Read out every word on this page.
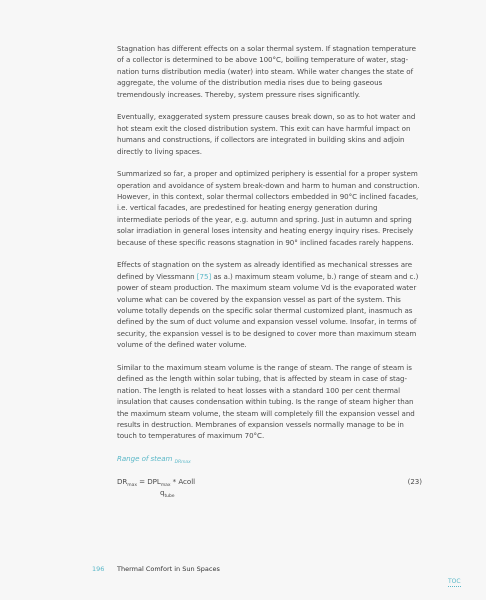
Stagnation has different effects on a solar thermal system. If stagnation temperature of a collector is determined to be above 100°C, boiling temperature of water, stag-nation turns distribution media (water) into steam. While water changes the state of aggregate, the volume of the distribution media rises due to being gaseous tremendously increases. Thereby, system pressure rises significantly.

Eventually, exaggerated system pressure causes break down, so as to hot water and hot steam exit the closed distribution system. This exit can have harmful impact on humans and constructions, if collectors are integrated in building skins and adjoin directly to living spaces.

Summarized so far, a proper and optimized periphery is essential for a proper system operation and avoidance of system break-down and harm to human and construction. However, in this context, solar thermal collectors embedded in 90°C inclined facades, i.e. vertical facades, are predestined for heating energy generation during intermediate periods of the year, e.g. autumn and spring. Just in autumn and spring solar irradiation in general loses intensity and heating energy inquiry rises. Precisely because of these specific reasons stagnation in 90° inclined facades rarely happens.

Effects of stagnation on the system as already identified as mechanical stresses are defined by Viessmann [75] as a.) maximum steam volume, b.) range of steam and c.) power of steam production. The maximum steam volume Vd is the evaporated water volume what can be covered by the expansion vessel as part of the system. This volume totally depends on the specific solar thermal customized plant, inasmuch as defined by the sum of duct volume and expansion vessel volume. Insofar, in terms of security, the expansion vessel is to be designed to cover more than maximum steam volume of the defined water volume.

Similar to the maximum steam volume is the range of steam. The range of steam is defined as the length within solar tubing, that is affected by steam in case of stag-nation. The length is related to heat losses with a standard 100 per cent thermal insulation that causes condensation within tubing. Is the range of steam higher than the maximum steam volume, the steam will completely fill the expansion vessel and results in destruction. Membranes of expansion vessels normally manage to be in touch to temperatures of maximum 70°C.

Range of steam $_{DRmax}$
$DR_{max} = DPL_{max}$ * Acoll
$q_{tube}$
(23)
196 Thermal Comfort in Sun Spaces
TOC
